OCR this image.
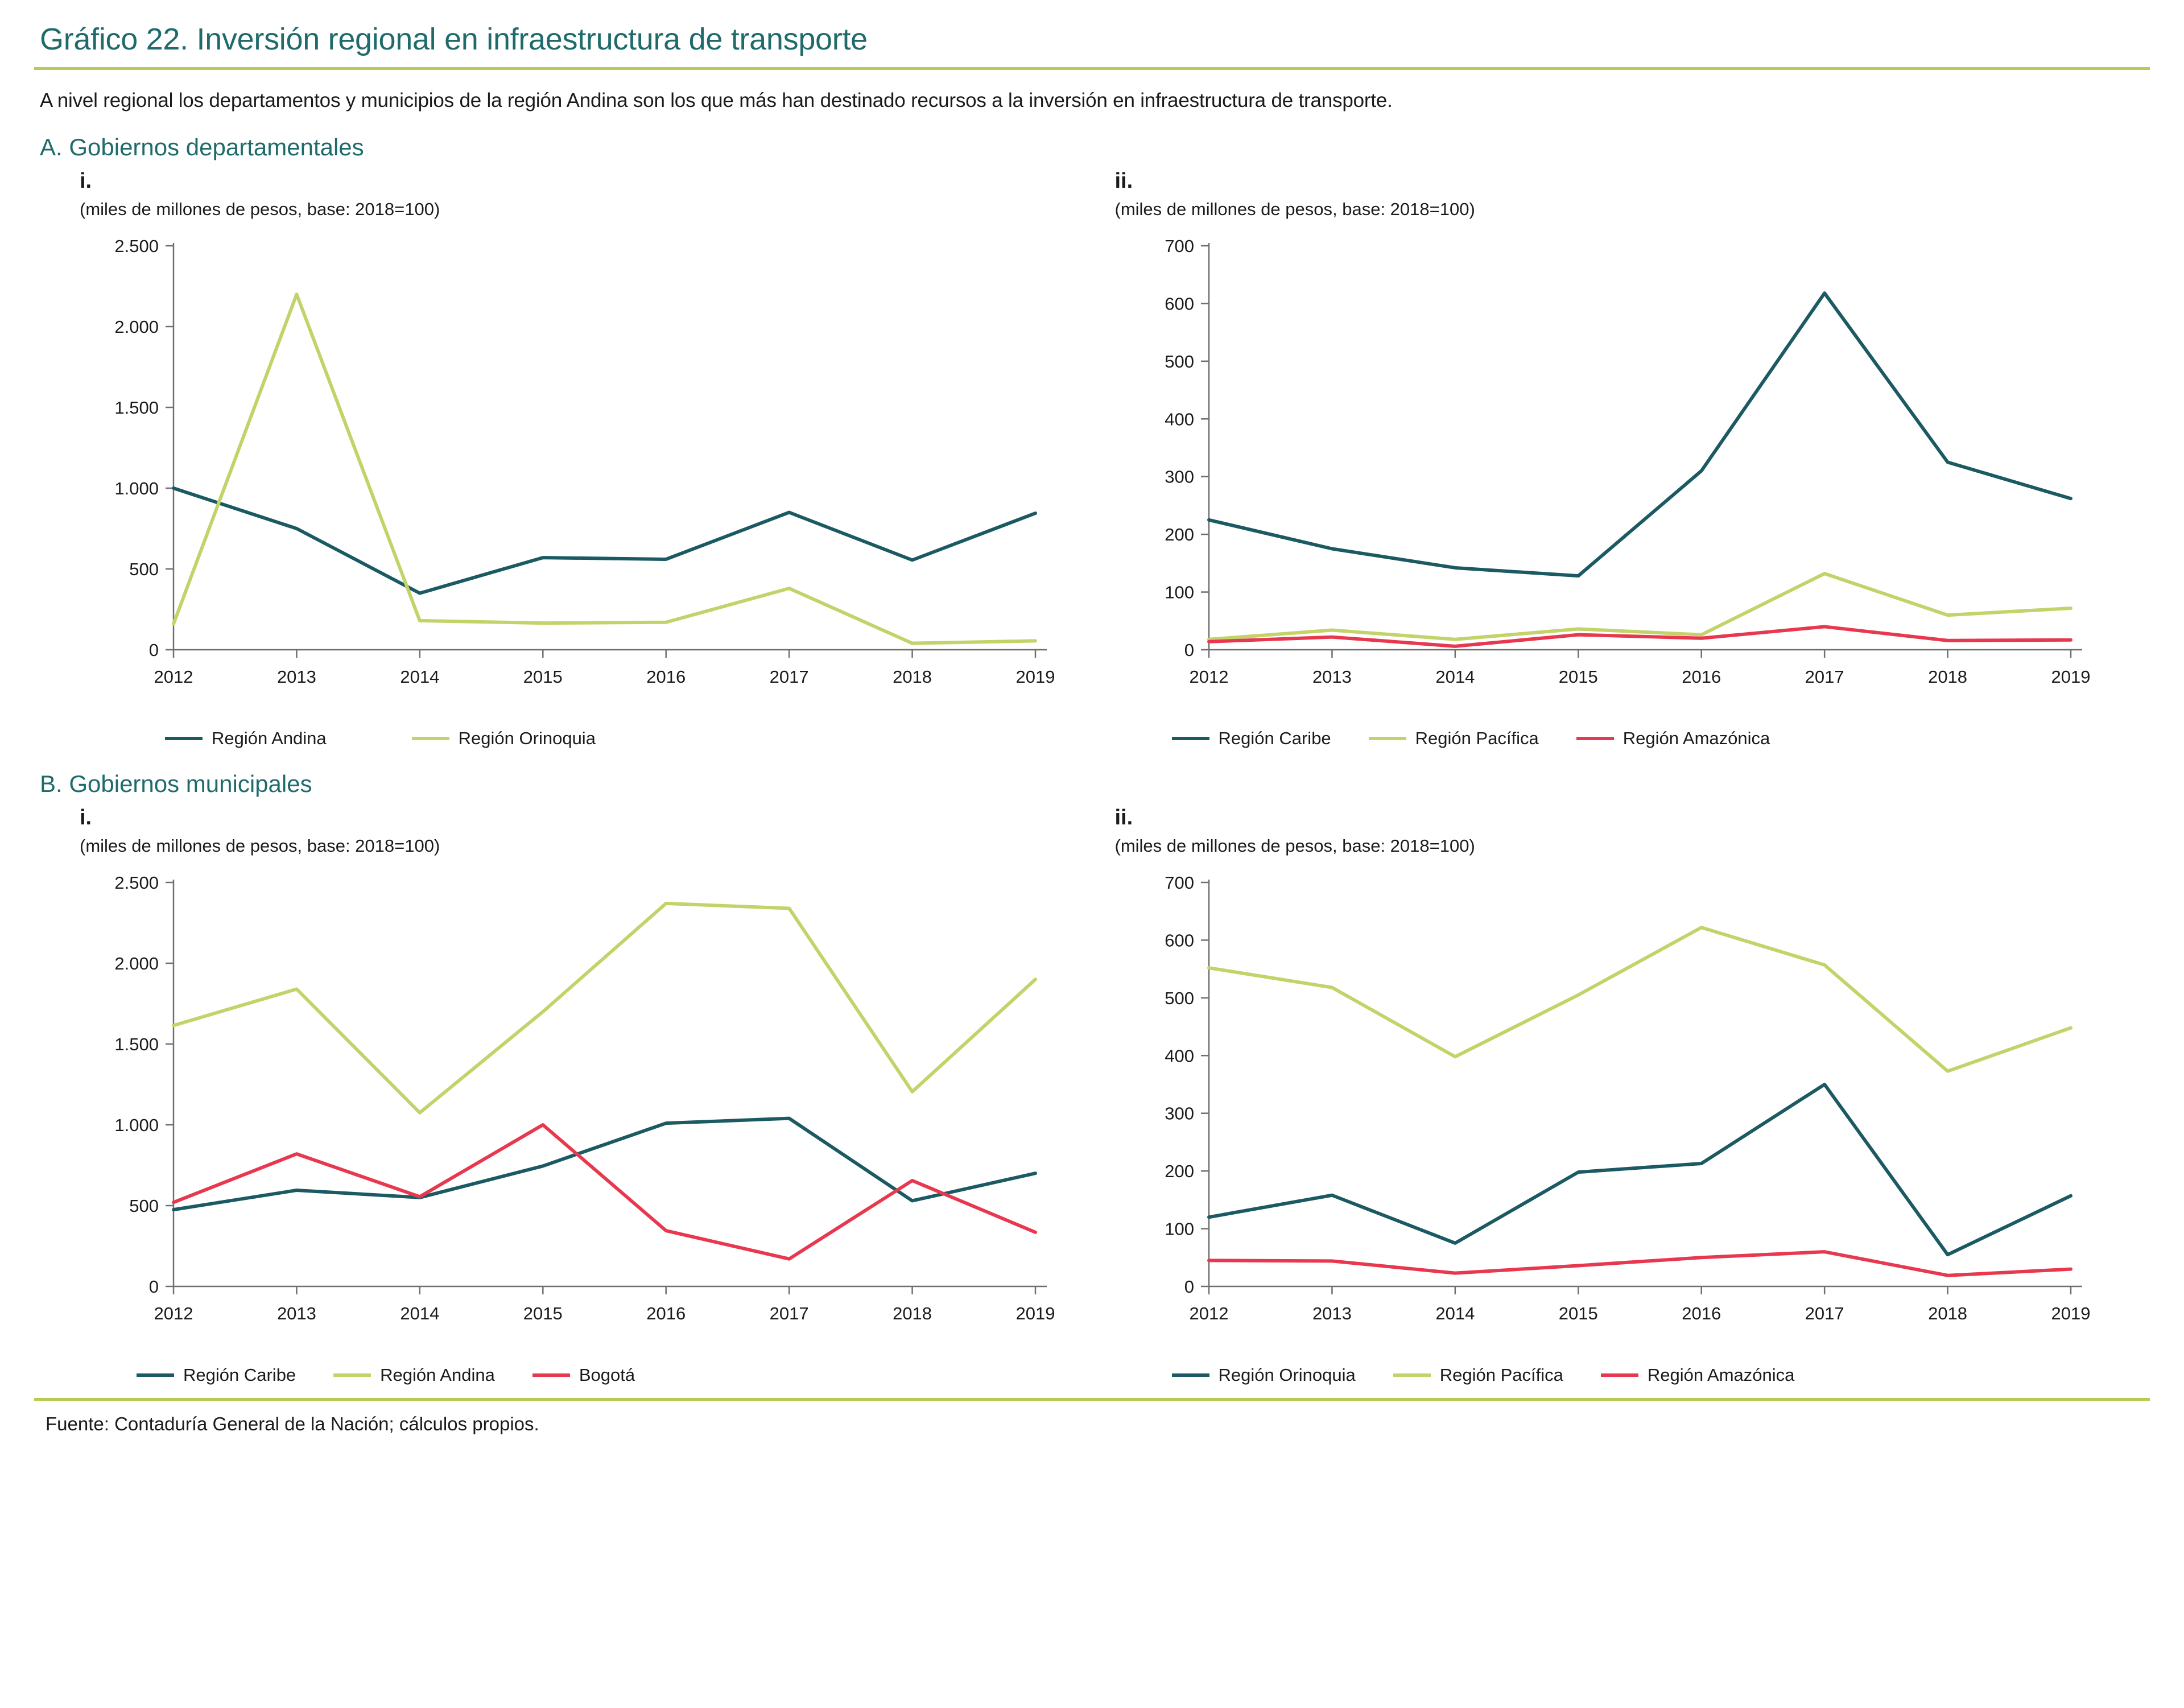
Gráfico 22. Inversión regional en infraestructura de transporte
A nivel regional los departamentos y municipios de la región Andina son los que más han destinado recursos a la inversión en infraestructura de transporte.
A. Gobiernos departamentales
i.
(miles de millones de pesos, base: 2018=100)
0
500
1.000
1.500
2.000
2.500
2012	2013	2014	2015	2016	2017	2018	2019
Región Andina	Región Orinoquia
ii.
(miles de millones de pesos, base: 2018=100)
0
100
200
300
400
500
600
700
2012	2013	2014	2015	2016	2017	2018	2019
Región Caribe	Región Pacífica	Región Amazónica
B. Gobiernos municipales
i.
(miles de millones de pesos, base: 2018=100)
0
500
1.000
1.500
2.000
2.500
2012	2013	2014	2015	2016	2017	2018	2019
Región Caribe	Región Andina	Bogotá
ii.
(miles de millones de pesos, base: 2018=100)
0
100
200
300
400
500
600
700
2012	2013	2014	2015	2016	2017	2018	2019
Región Orinoquia	Región Pacífica	Región Amazónica
Fuente: Contaduría General de la Nación; cálculos propios.
